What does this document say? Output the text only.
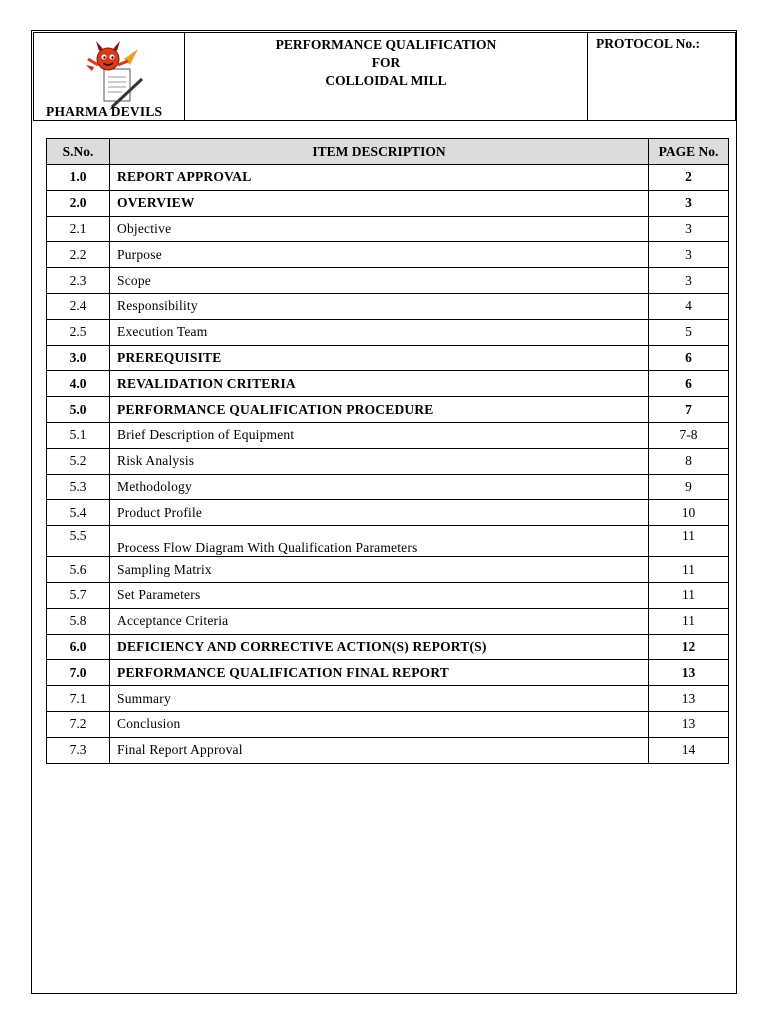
PHARMA DEVILS

PERFORMANCE QUALIFICATION
FOR
COLLOIDAL MILL
	PROTOCOL No.:
S.No.	ITEM DESCRIPTION	PAGE No.
1.0	REPORT APPROVAL	2
2.0	OVERVIEW	3
2.1	Objective	3
2.2	Purpose	3
2.3	Scope	3
2.4	Responsibility	4
2.5	Execution Team	5
3.0	PREREQUISITE	6
4.0	REVALIDATION CRITERIA	6
5.0	PERFORMANCE QUALIFICATION PROCEDURE	7
5.1	Brief Description of Equipment	7-8
5.2	Risk Analysis	8
5.3	Methodology	9
5.4	Product Profile	10
5.5	Process Flow Diagram With Qualification Parameters	11
5.6	Sampling Matrix	11
5.7	Set Parameters	11
5.8	Acceptance Criteria	11
6.0	DEFICIENCY AND CORRECTIVE ACTION(S) REPORT(S)	12
7.0	PERFORMANCE QUALIFICATION FINAL REPORT	13
7.1	Summary	13
7.2	Conclusion	13
7.3	Final Report Approval	14
